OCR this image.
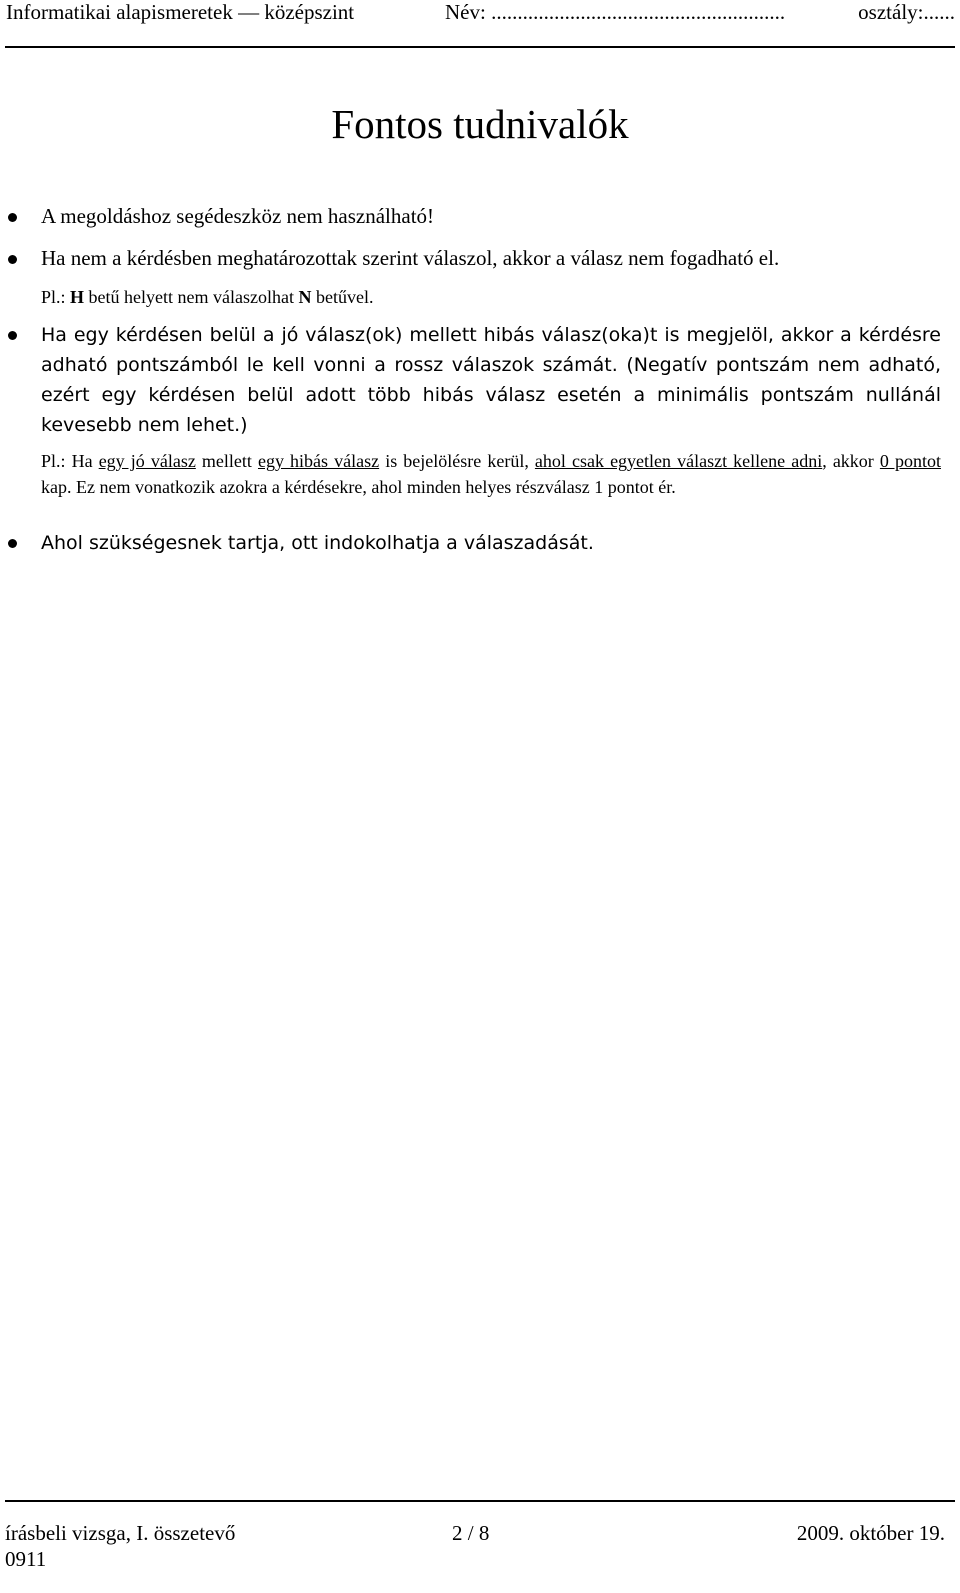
Informatikai alapismeretek — középszint	Név: ........................................................	osztály:......
Fontos tudnivalók
A megoldáshoz segédeszköz nem használható!
Ha nem a kérdésben meghatározottak szerint válaszol, akkor a válasz nem fogadható el.
Pl.: H betű helyett nem válaszolhat N betűvel.
Ha egy kérdésen belül a jó válasz(ok) mellett hibás válasz(oka)t is megjelöl, akkor a kérdésre adható pontszámból le kell vonni a rossz válaszok számát. (Negatív pontszám nem adható, ezért egy kérdésen belül adott több hibás válasz esetén a minimális pontszám nullánál kevesebb nem lehet.)
Pl.: Ha egy jó válasz mellett egy hibás válasz is bejelölésre kerül, ahol csak egyetlen választ kellene adni, akkor 0 pontot kap. Ez nem vonatkozik azokra a kérdésekre, ahol minden helyes részválasz 1 pontot ér.
Ahol szükségesnek tartja, ott indokolhatja a válaszadását.
írásbeli vizsga, I. összetevő	2 / 8	2009. október 19.
0911
